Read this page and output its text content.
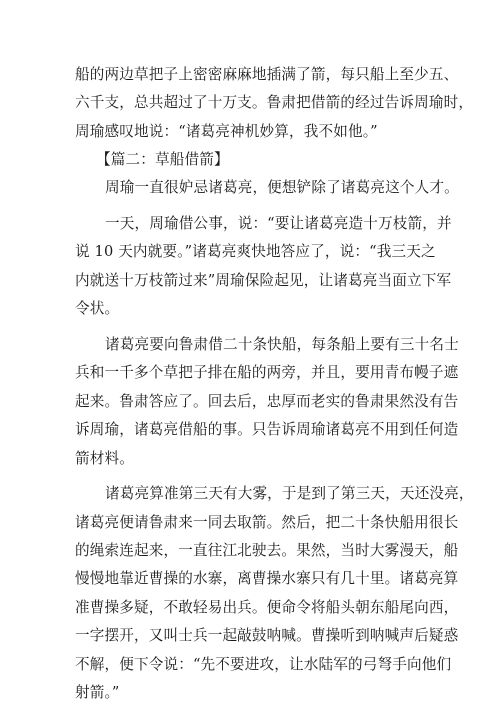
船的两边草把子上密密麻麻地插满了箭，每只船上至少五、
六千支，总共超过了十万支。鲁肃把借箭的经过告诉周瑜时，
周瑜感叹地说：“诸葛亮神机妙算，我不如他。”
【篇二：草船借箭】
周瑜一直很妒忌诸葛亮，便想铲除了诸葛亮这个人才。
一天，周瑜借公事，说：“要让诸葛亮造十万枝箭，并
说 10 天内就要。”诸葛亮爽快地答应了，说：“我三天之
内就送十万枝箭过来”周瑜保险起见，让诸葛亮当面立下军
令状。
诸葛亮要向鲁肃借二十条快船，每条船上要有三十名士
兵和一千多个草把子排在船的两旁，并且，要用青布幔子遮
起来。鲁肃答应了。回去后，忠厚而老实的鲁肃果然没有告
诉周瑜，诸葛亮借船的事。只告诉周瑜诸葛亮不用到任何造
箭材料。
诸葛亮算准第三天有大雾，于是到了第三天，天还没亮，
诸葛亮便请鲁肃来一同去取箭。然后，把二十条快船用很长
的绳索连起来，一直往江北驶去。果然，当时大雾漫天，船
慢慢地靠近曹操的水寨，离曹操水寨只有几十里。诸葛亮算
准曹操多疑，不敢轻易出兵。便命令将船头朝东船尾向西，
一字摆开，又叫士兵一起敲鼓呐喊。曹操听到呐喊声后疑惑
不解，便下令说：“先不要进攻，让水陆军的弓弩手向他们
射箭。”
